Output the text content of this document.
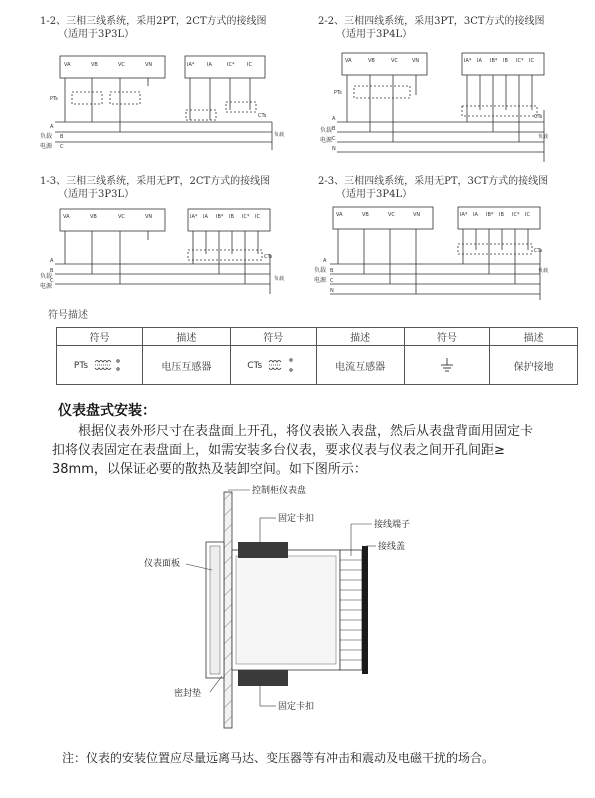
1-2、三相三线系统，采用2PT，2CT方式的接线图
（适用于3P3L）
VA	VB	VC	VN	IA*	IA	IC*	IC
PTs
CTs
A
B
C
负载
负载
电源
2-2、三相四线系统，采用3PT，3CT方式的接线图
（适用于3P4L）
VA	VB	VC	VN	IA* IA IB* IB IC* IC
PTs
CTs
A
B
C
N
负载
负载
电源
1-3、三相三线系统，采用无PT，2CT方式的接线图
（适用于3P3L）
VA	VB	VC	VN	IA* IA IB* IB IC* IC
CTs
A
B
C	负载
负载
电源
2-3、三相四线系统，采用无PT，3CT方式的接线图
（适用于3P4L）
VA	VB	VC	VN	IA* IA IB* IB IC* IC
CTs
A
B
C
N
负载
负载
电源
符号描述
符号	描述	符号	描述	符号	描述
PTs	电压互感器	CTs	电流互感器		保护接地
仪表盘式安装：
根据仪表外形尺寸在表盘面上开孔，将仪表嵌入表盘，然后从表盘背面用固定卡
扣将仪表固定在表盘面上，如需安装多台仪表，要求仪表与仪表之间开孔间距≥
38mm，以保证必要的散热及装卸空间。如下图所示：
控制柜仪表盘
固定卡扣
接线端子
接线盖
仪表面板
密封垫
固定卡扣
注：仪表的安装位置应尽量远离马达、变压器等有冲击和震动及电磁干扰的场合。
